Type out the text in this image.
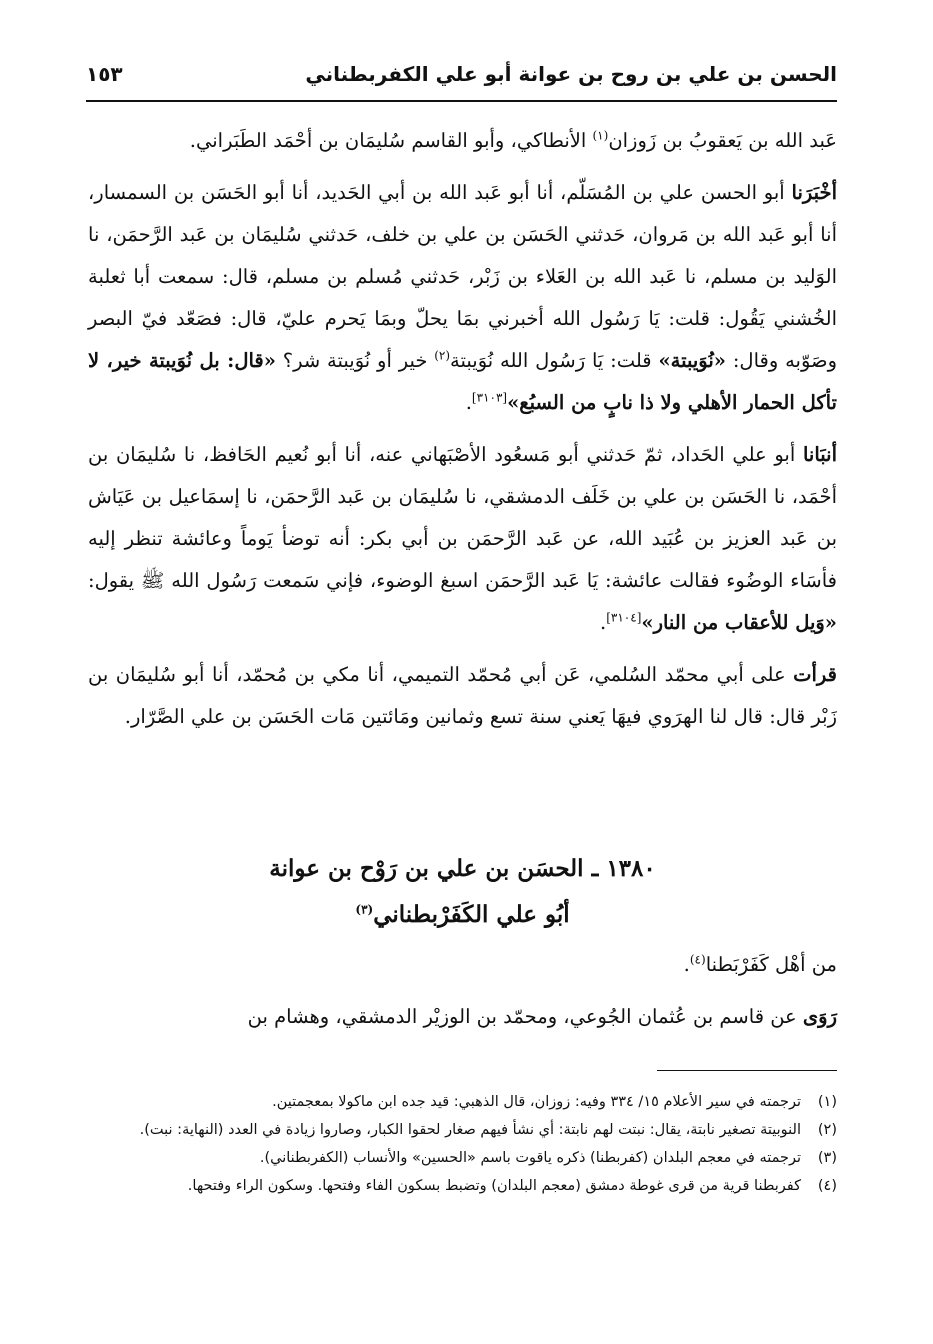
الحسن بن علي بن روح بن عوانة أبو علي الكفربطناني
١٥٣

عَبد الله بن يَعقوبُ بن زَوزان$^{(١)}$ الأنطاكي، وأبو القاسم سُليمَان بن أحْمَد الطَبَراني.

أخْبَرَنا أبو الحسن علي بن المُسَلّم، أنا أبو عَبد الله بن أبي الحَديد، أنا أبو الحَسَن بن السمسار، أنا أبو عَبد الله بن مَروان، حَدثني الحَسَن بن علي بن خلف، حَدثني سُليمَان بن عَبد الرَّحمَن، نا الوَليد بن مسلم، نا عَبد الله بن العَلاء بن زَبْر، حَدثني مُسلم بن مسلم، قال: سمعت أبا ثعلبة الخُشني يَقُول: قلت: يَا رَسُول الله أخبرني بمَا يحلّ وبمَا يَحرم عليّ، قال: فصَعّد فيّ البصر وصَوّبه وقال: «نُوَيبتة» قلت: يَا رَسُول الله نُوَيبتة$^{(٢)}$ خير أو نُوَيبتة شر؟ «قال: بل نُوَيبتة خير، لا تأكل الحمار الأهلي ولا ذا نابٍ من السبُع»[٣١٠٣].

أنبَانا أبو علي الحَداد، ثمّ حَدثني أبو مَسعُود الأصْبَهاني عنه، أنا أبو نُعيم الحَافظ، نا سُليمَان بن أحْمَد، نا الحَسَن بن علي بن خَلَف الدمشقي، نا سُليمَان بن عَبد الرَّحمَن، نا إسمَاعيل بن عَيَاش بن عَبد العزيز بن عُبَيد الله، عن عَبد الرَّحمَن بن أبي بكر: أنه توضأ يَوماً وعائشة تنظر إليه فأسَاء الوضُوء فقالت عائشة: يَا عَبد الرَّحمَن اسبغ الوضوء، فإني سَمعت رَسُول الله ﷺ يقول: «وَيل للأعقاب من النار»[٣١٠٤].

قرأت على أبي محمّد السُلمي، عَن أبي مُحمّد التميمي، أنا مكي بن مُحمّد، أنا أبو سُليمَان بن زَبْر قال: قال لنا الهرَوي فيهَا يَعني سنة تسع وثمانين ومَائتين مَات الحَسَن بن علي الصَّرّار.

١٣٨٠ ـ الحسَن بن علي بن رَوْح بن عوانة
أبُو علي الكَفَرْبطناني$^{(٣)}$

من أهْل كَفَرْبَطنا$^{(٤)}$.

رَوَى عن قاسم بن عُثمان الجُوعي، ومحمّد بن الوزيْر الدمشقي، وهشام بن

(١)
ترجمته في سير الأعلام ١٥/ ٣٣٤ وفيه: زوزان، قال الذهبي: قيد جده ابن ماكولا بمعجمتين.
(٢)
النوبيتة تصغير نابتة، يقال: نبتت لهم نابتة: أي نشأ فيهم صغار لحقوا الكبار، وصاروا زيادة في العدد (النهاية: نبت).
(٣)
ترجمته في معجم البلدان (كفربطنا) ذكره ياقوت باسم «الحسين» والأنساب (الكفربطناني).
(٤)
كفربطنا قرية من قرى غوطة دمشق (معجم البلدان) وتضبط بسكون الفاء وفتحها. وسكون الراء وفتحها.
